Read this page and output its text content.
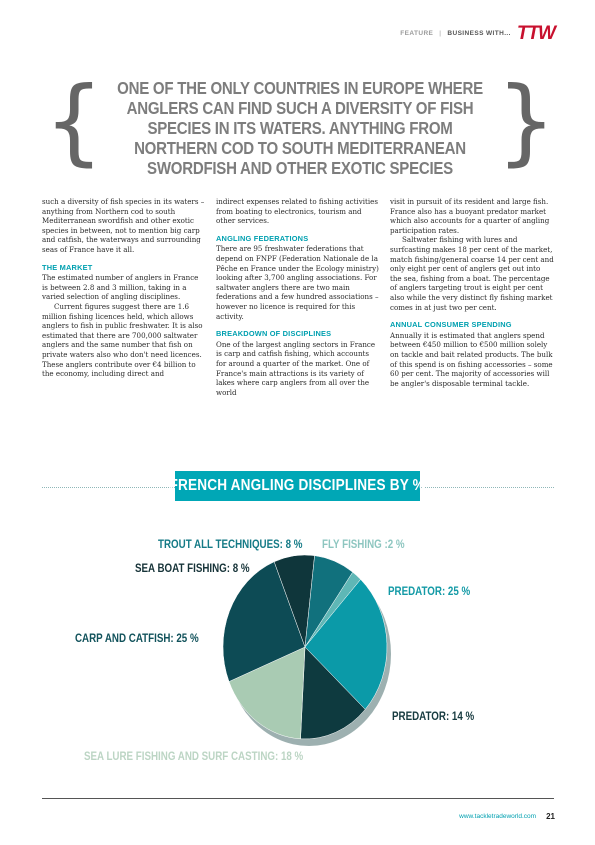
FEATURE | BUSINESS WITH... TTW
{ ONE OF THE ONLY COUNTRIES IN EUROPE WHERE ANGLERS CAN FIND SUCH A DIVERSITY OF FISH SPECIES IN ITS WATERS. ANYTHING FROM NORTHERN COD TO SOUTH MEDITERRANEAN SWORDFISH AND OTHER EXOTIC SPECIES }

such a diversity of fish species in its waters – anything from Northern cod to south Mediterranean swordfish and other exotic species in between, not to mention big carp and catfish, the waterways and surrounding seas of France have it all.

THE MARKET

The estimated number of anglers in France is between 2.8 and 3 million, taking in a varied selection of angling disciplines.

Current figures suggest there are 1.6 million fishing licences held, which allows anglers to fish in public freshwater. It is also estimated that there are 700,000 saltwater anglers and the same number that fish on private waters also who don't need licences. These anglers contribute over €4 billion to the economy, including direct and

indirect expenses related to fishing activities from boating to electronics, tourism and other services.

ANGLING FEDERATIONS

There are 95 freshwater federations that depend on FNPF (Federation Nationale de la Pêche en France under the Ecology ministry) looking after 3,700 angling associations. For saltwater anglers there are two main federations and a few hundred associations – however no licence is required for this activity.

BREAKDOWN OF DISCIPLINES

One of the largest angling sectors in France is carp and catfish fishing, which accounts for around a quarter of the market. One of France's main attractions is its variety of lakes where carp anglers from all over the world

visit in pursuit of its resident and large fish. France also has a buoyant predator market which also accounts for a quarter of angling participation rates.

Saltwater fishing with lures and surfcasting makes 18 per cent of the market, match fishing/general coarse 14 per cent and only eight per cent of anglers get out into the sea, fishing from a boat. The percentage of anglers targeting trout is eight per cent also while the very distinct fly fishing market comes in at just two per cent.

ANNUAL CONSUMER SPENDING

Annually it is estimated that anglers spend between €450 million to €500 million solely on tackle and bait related products. The bulk of this spend is on fishing accessories – some 60 per cent. The majority of accessories will be angler's disposable terminal tackle.

FRENCH ANGLING DISCIPLINES BY %
FLY FISHING :2 %
PREDATOR: 25 %
PREDATOR: 14 %
SEA LURE FISHING AND SURF CASTING: 18 %
CARP AND CATFISH: 25 %
SEA BOAT FISHING: 8 %
TROUT ALL TECHNIQUES: 8 %
www.tackletradeworld.com 21
